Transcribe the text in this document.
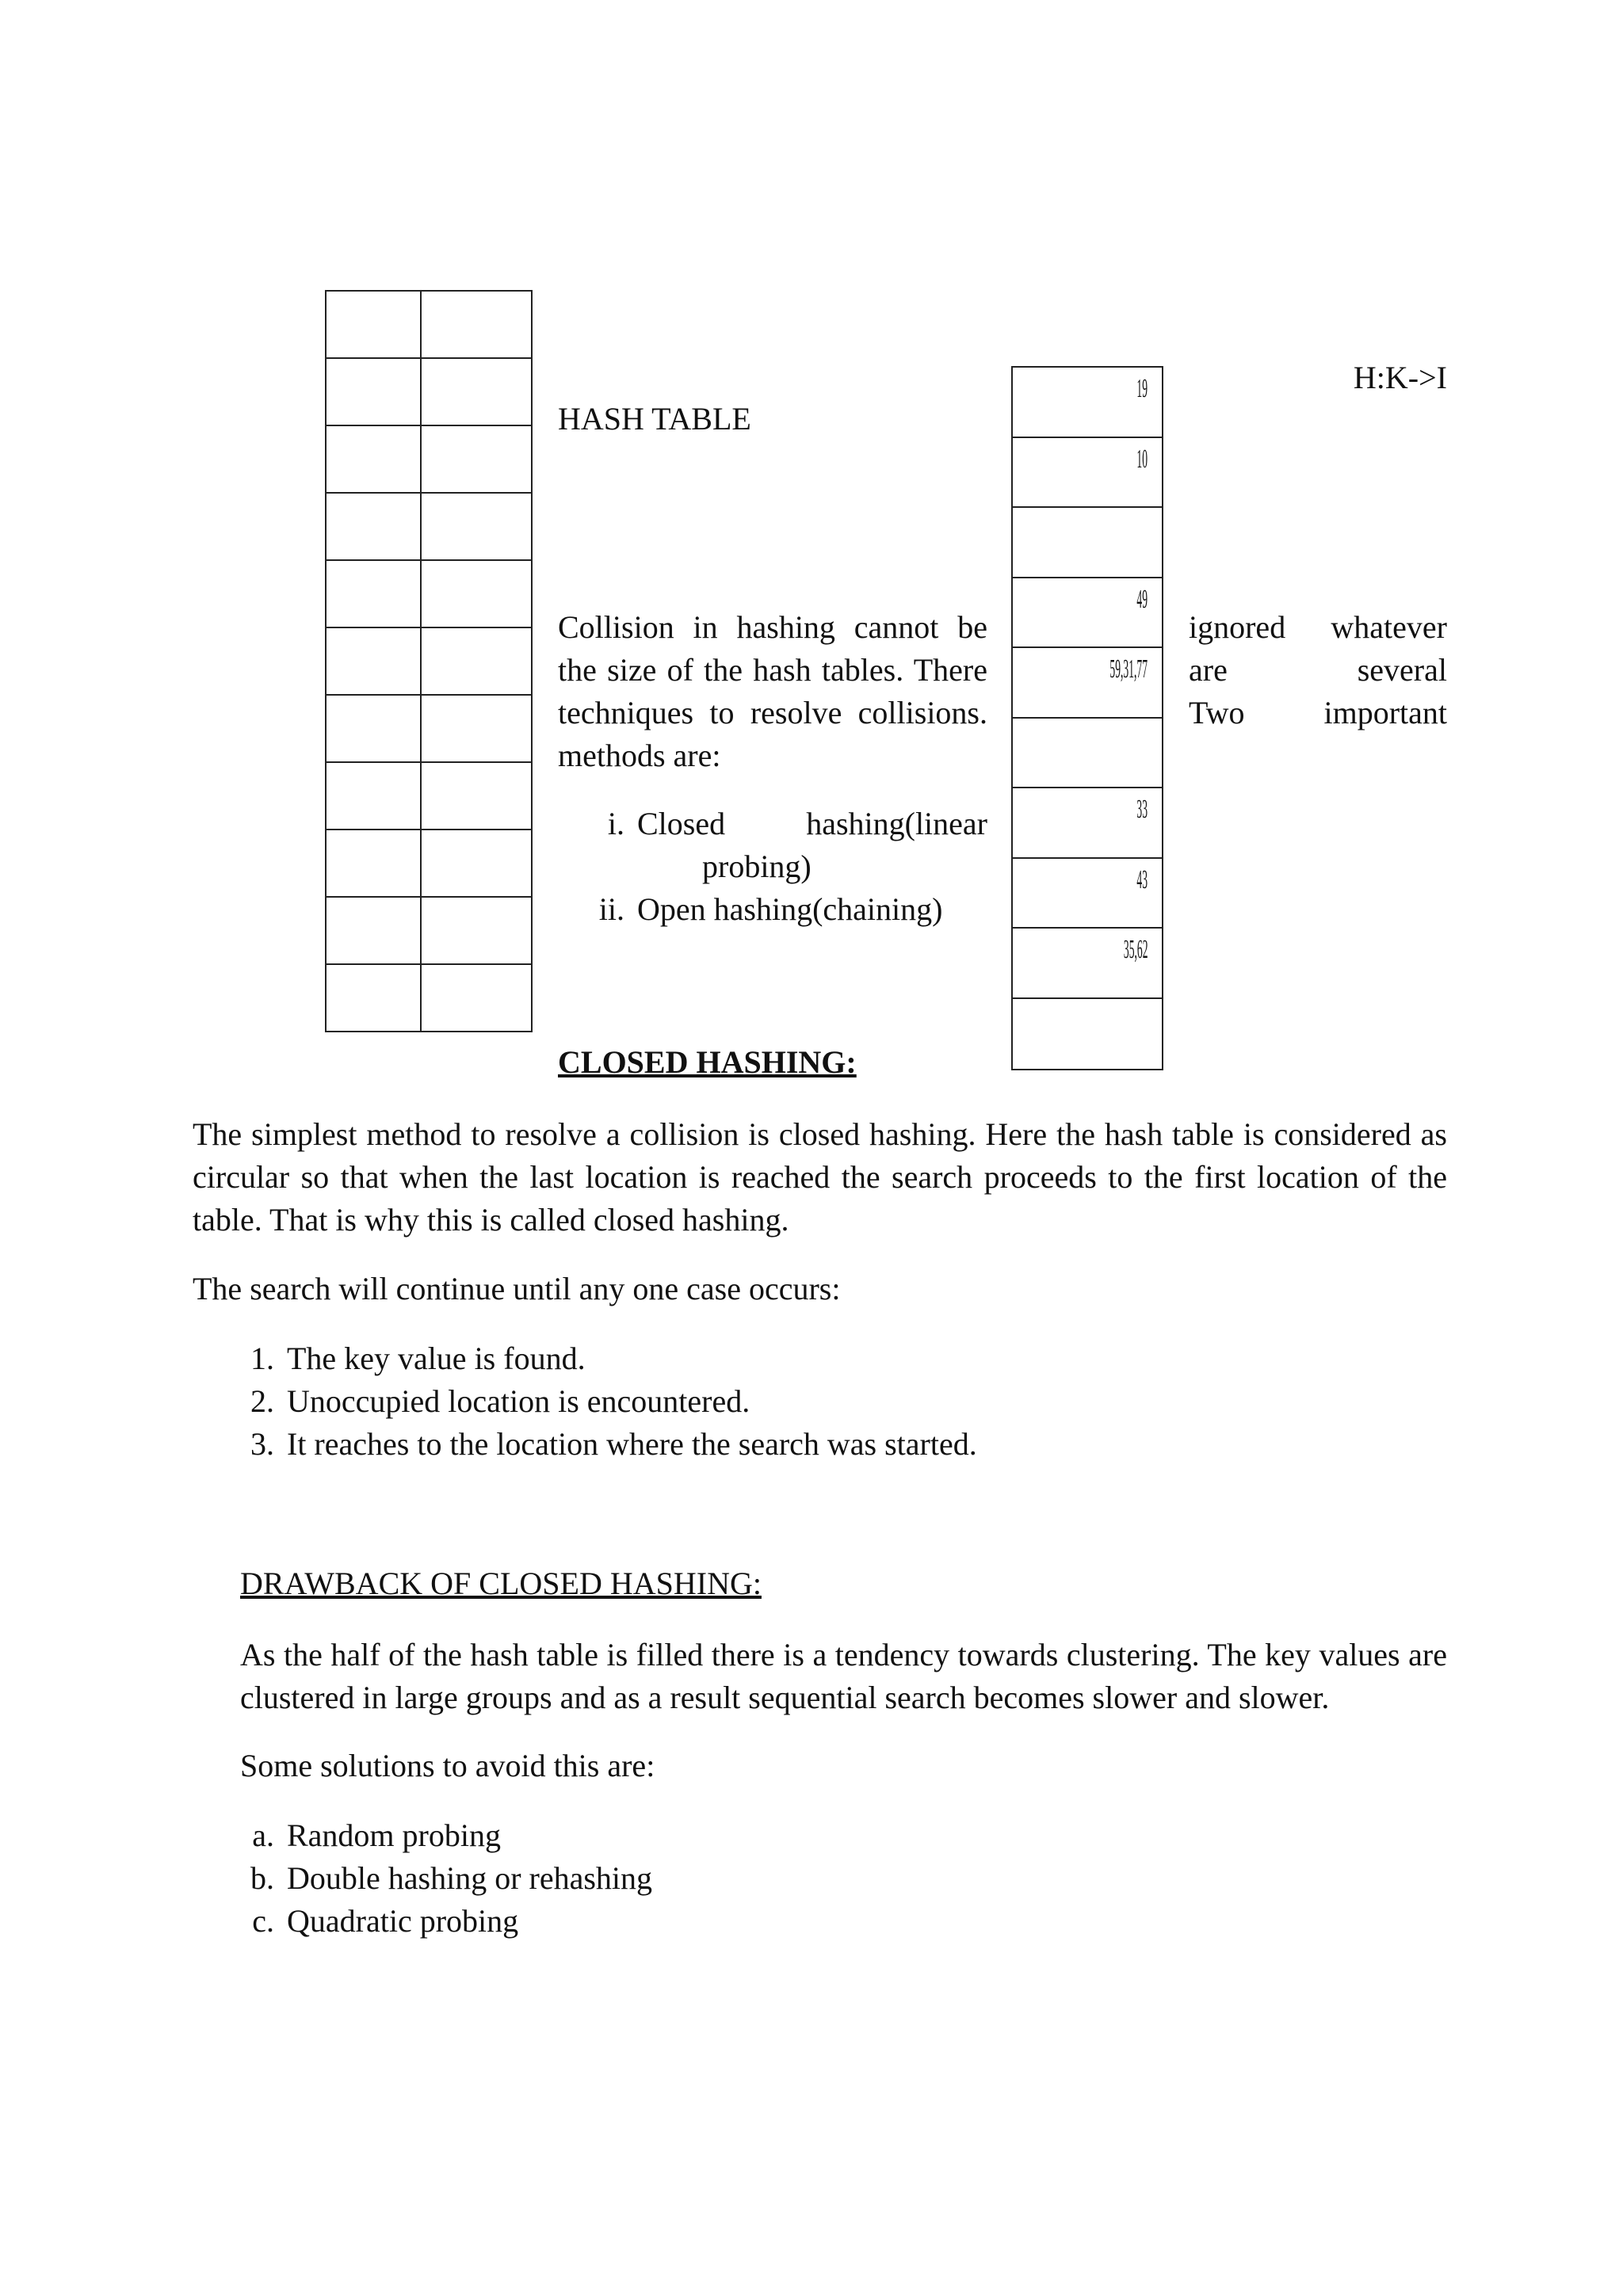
HASH TABLE
H:K->I
19
10
49
59,31,77
33
43
35,62
Collision in hashing cannot be
the size of the hash tables. There
techniques to resolve collisions.
methods are:
ignored whatever
are several
Two important
i. Closed hashing(linear
probing)
ii. Open hashing(chaining)
CLOSED HASHING:
The simplest method to resolve a collision is closed hashing. Here the hash table is considered as circular so that when the last location is reached the search proceeds to the first location of the table. That is why this is called closed hashing.
The search will continue until any one case occurs:
1. The key value is found.
2. Unoccupied location is encountered.
3. It reaches to the location where the search was started.
DRAWBACK OF CLOSED HASHING:
As the half of the hash table is filled there is a tendency towards clustering. The key values are clustered in large groups and as a result sequential search becomes slower and slower.
Some solutions to avoid this are:
a. Random probing
b. Double hashing or rehashing
c. Quadratic probing
